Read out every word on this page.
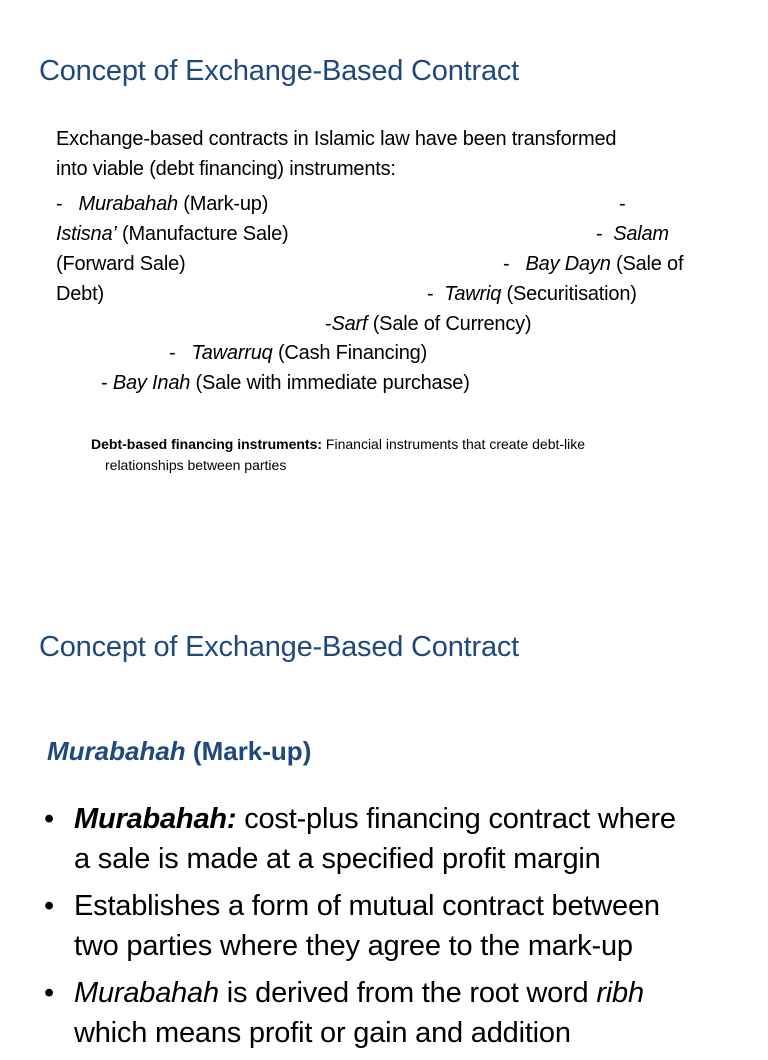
Concept of Exchange-Based Contract

Exchange-based contracts in Islamic law have been transformed

into viable (debt financing) instruments:

- Murabahah (Mark-up)	-

Istisna’ (Manufacture Sale)	- Salam

(Forward Sale)	- Bay Dayn (Sale of

Debt)	- Tawriq (Securitisation)

-Sarf (Sale of Currency)

- Tawarruq (Cash Financing)

- Bay Inah (Sale with immediate purchase)

Debt-based financing instruments: Financial instruments that create debt-like
relationships between parties
Concept of Exchange-Based Contract
Murabahah (Mark-up)
• Murabahah: cost-plus financing contract where
a sale is made at a specified profit margin
• Establishes a form of mutual contract between
two parties where they agree to the mark-up
• Murabahah is derived from the root word ribh
which means profit or gain and addition
